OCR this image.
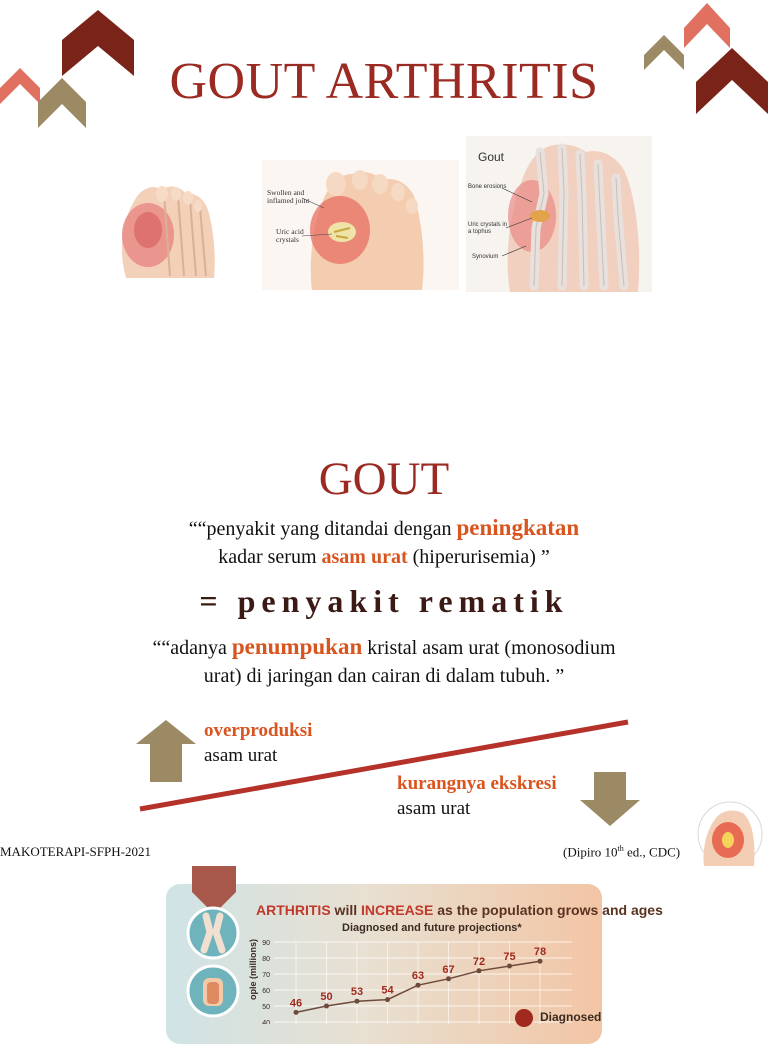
GOUT ARTHRITIS
Swollen and inflamed joint
Uric acid crystals
Gout
Bone erosions
Uric crystals in a tophus
Synovium
GOUT
““penyakit yang ditandai dengan peningkatan
kadar serum asam urat (hiperurisemia) ”
= penyakit rematik
““adanya penumpukan kristal asam urat (monosodium
urat) di jaringan dan cairan di dalam tubuh. ”
overproduksi
asam urat
kurangnya ekskresi
asam urat
MAKOTERAPI-SFPH-2021	(Dipiro 10th ed., CDC)
ARTHRITIS will INCREASE as the population grows and ages
Diagnosed and future projections*
40
50
60
70
80
90
46
50 53 54
63
67
72 75 78
ople (millions)
Diagnosed
